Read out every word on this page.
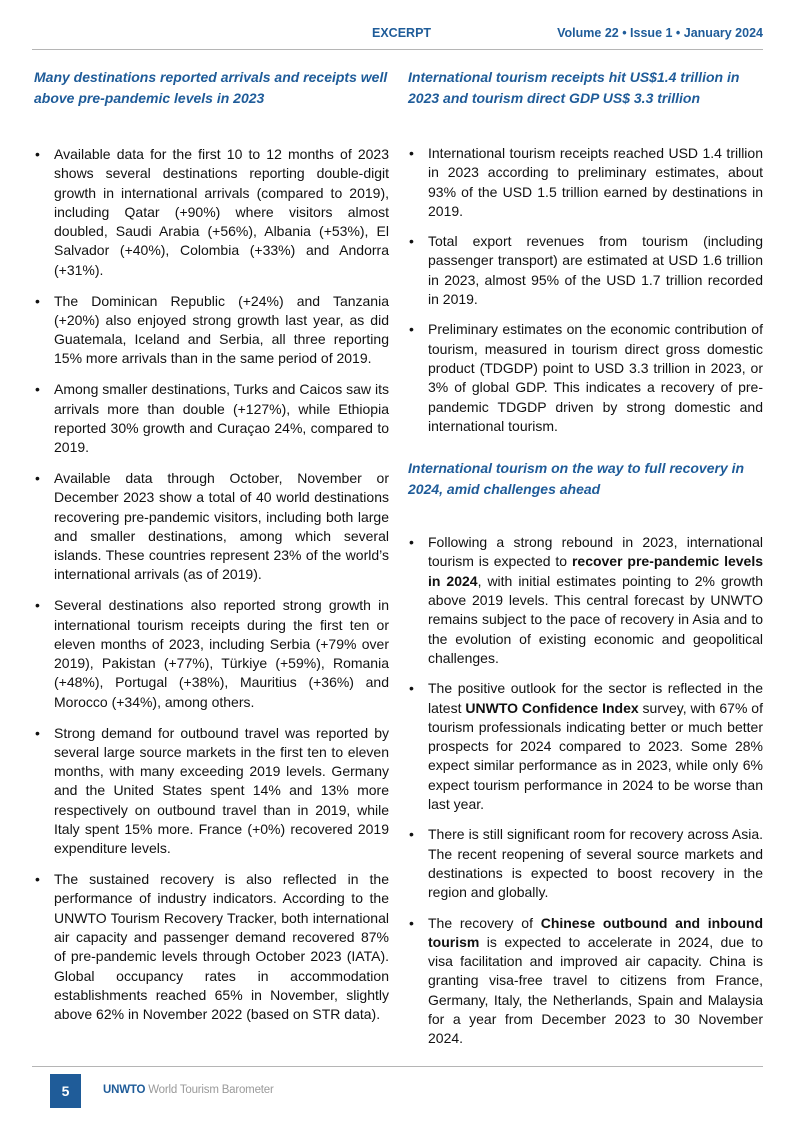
EXCERPT	Volume 22 • Issue 1 • January 2024
Many destinations reported arrivals and receipts well above pre-pandemic levels in 2023
• Available data for the first 10 to 12 months of 2023 shows several destinations reporting double-digit growth in international arrivals (compared to 2019), including Qatar (+90%) where visitors almost doubled, Saudi Arabia (+56%), Albania (+53%), El Salvador (+40%), Colombia (+33%) and Andorra (+31%).
• The Dominican Republic (+24%) and Tanzania (+20%) also enjoyed strong growth last year, as did Guatemala, Iceland and Serbia, all three reporting 15% more arrivals than in the same period of 2019.
• Among smaller destinations, Turks and Caicos saw its arrivals more than double (+127%), while Ethiopia reported 30% growth and Curaçao 24%, compared to 2019.
• Available data through October, November or December 2023 show a total of 40 world destinations recovering pre-pandemic visitors, including both large and smaller destinations, among which several islands. These countries represent 23% of the world’s international arrivals (as of 2019).
• Several destinations also reported strong growth in international tourism receipts during the first ten or eleven months of 2023, including Serbia (+79% over 2019), Pakistan (+77%), Türkiye (+59%), Romania (+48%), Portugal (+38%), Mauritius (+36%) and Morocco (+34%), among others.
• Strong demand for outbound travel was reported by several large source markets in the first ten to eleven months, with many exceeding 2019 levels. Germany and the United States spent 14% and 13% more respectively on outbound travel than in 2019, while Italy spent 15% more. France (+0%) recovered 2019 expenditure levels.
• The sustained recovery is also reflected in the performance of industry indicators. According to the UNWTO Tourism Recovery Tracker, both international air capacity and passenger demand recovered 87% of pre-pandemic levels through October 2023 (IATA). Global occupancy rates in accommodation establishments reached 65% in November, slightly above 62% in November 2022 (based on STR data).
International tourism receipts hit US$1.4 trillion in 2023 and tourism direct GDP US$ 3.3 trillion
• International tourism receipts reached USD 1.4 trillion in 2023 according to preliminary estimates, about 93% of the USD 1.5 trillion earned by destinations in 2019.
• Total export revenues from tourism (including passenger transport) are estimated at USD 1.6 trillion in 2023, almost 95% of the USD 1.7 trillion recorded in 2019.
• Preliminary estimates on the economic contribution of tourism, measured in tourism direct gross domestic product (TDGDP) point to USD 3.3 trillion in 2023, or 3% of global GDP. This indicates a recovery of pre-pandemic TDGDP driven by strong domestic and international tourism.
International tourism on the way to full recovery in 2024, amid challenges ahead
• Following a strong rebound in 2023, international tourism is expected to recover pre-pandemic levels in 2024, with initial estimates pointing to 2% growth above 2019 levels. This central forecast by UNWTO remains subject to the pace of recovery in Asia and to the evolution of existing economic and geopolitical challenges.
• The positive outlook for the sector is reflected in the latest UNWTO Confidence Index survey, with 67% of tourism professionals indicating better or much better prospects for 2024 compared to 2023. Some 28% expect similar performance as in 2023, while only 6% expect tourism performance in 2024 to be worse than last year.
• There is still significant room for recovery across Asia. The recent reopening of several source markets and destinations is expected to boost recovery in the region and globally.
• The recovery of Chinese outbound and inbound tourism is expected to accelerate in 2024, due to visa facilitation and improved air capacity. China is granting visa-free travel to citizens from France, Germany, Italy, the Netherlands, Spain and Malaysia for a year from December 2023 to 30 November 2024.
5	UNWTO World Tourism Barometer
